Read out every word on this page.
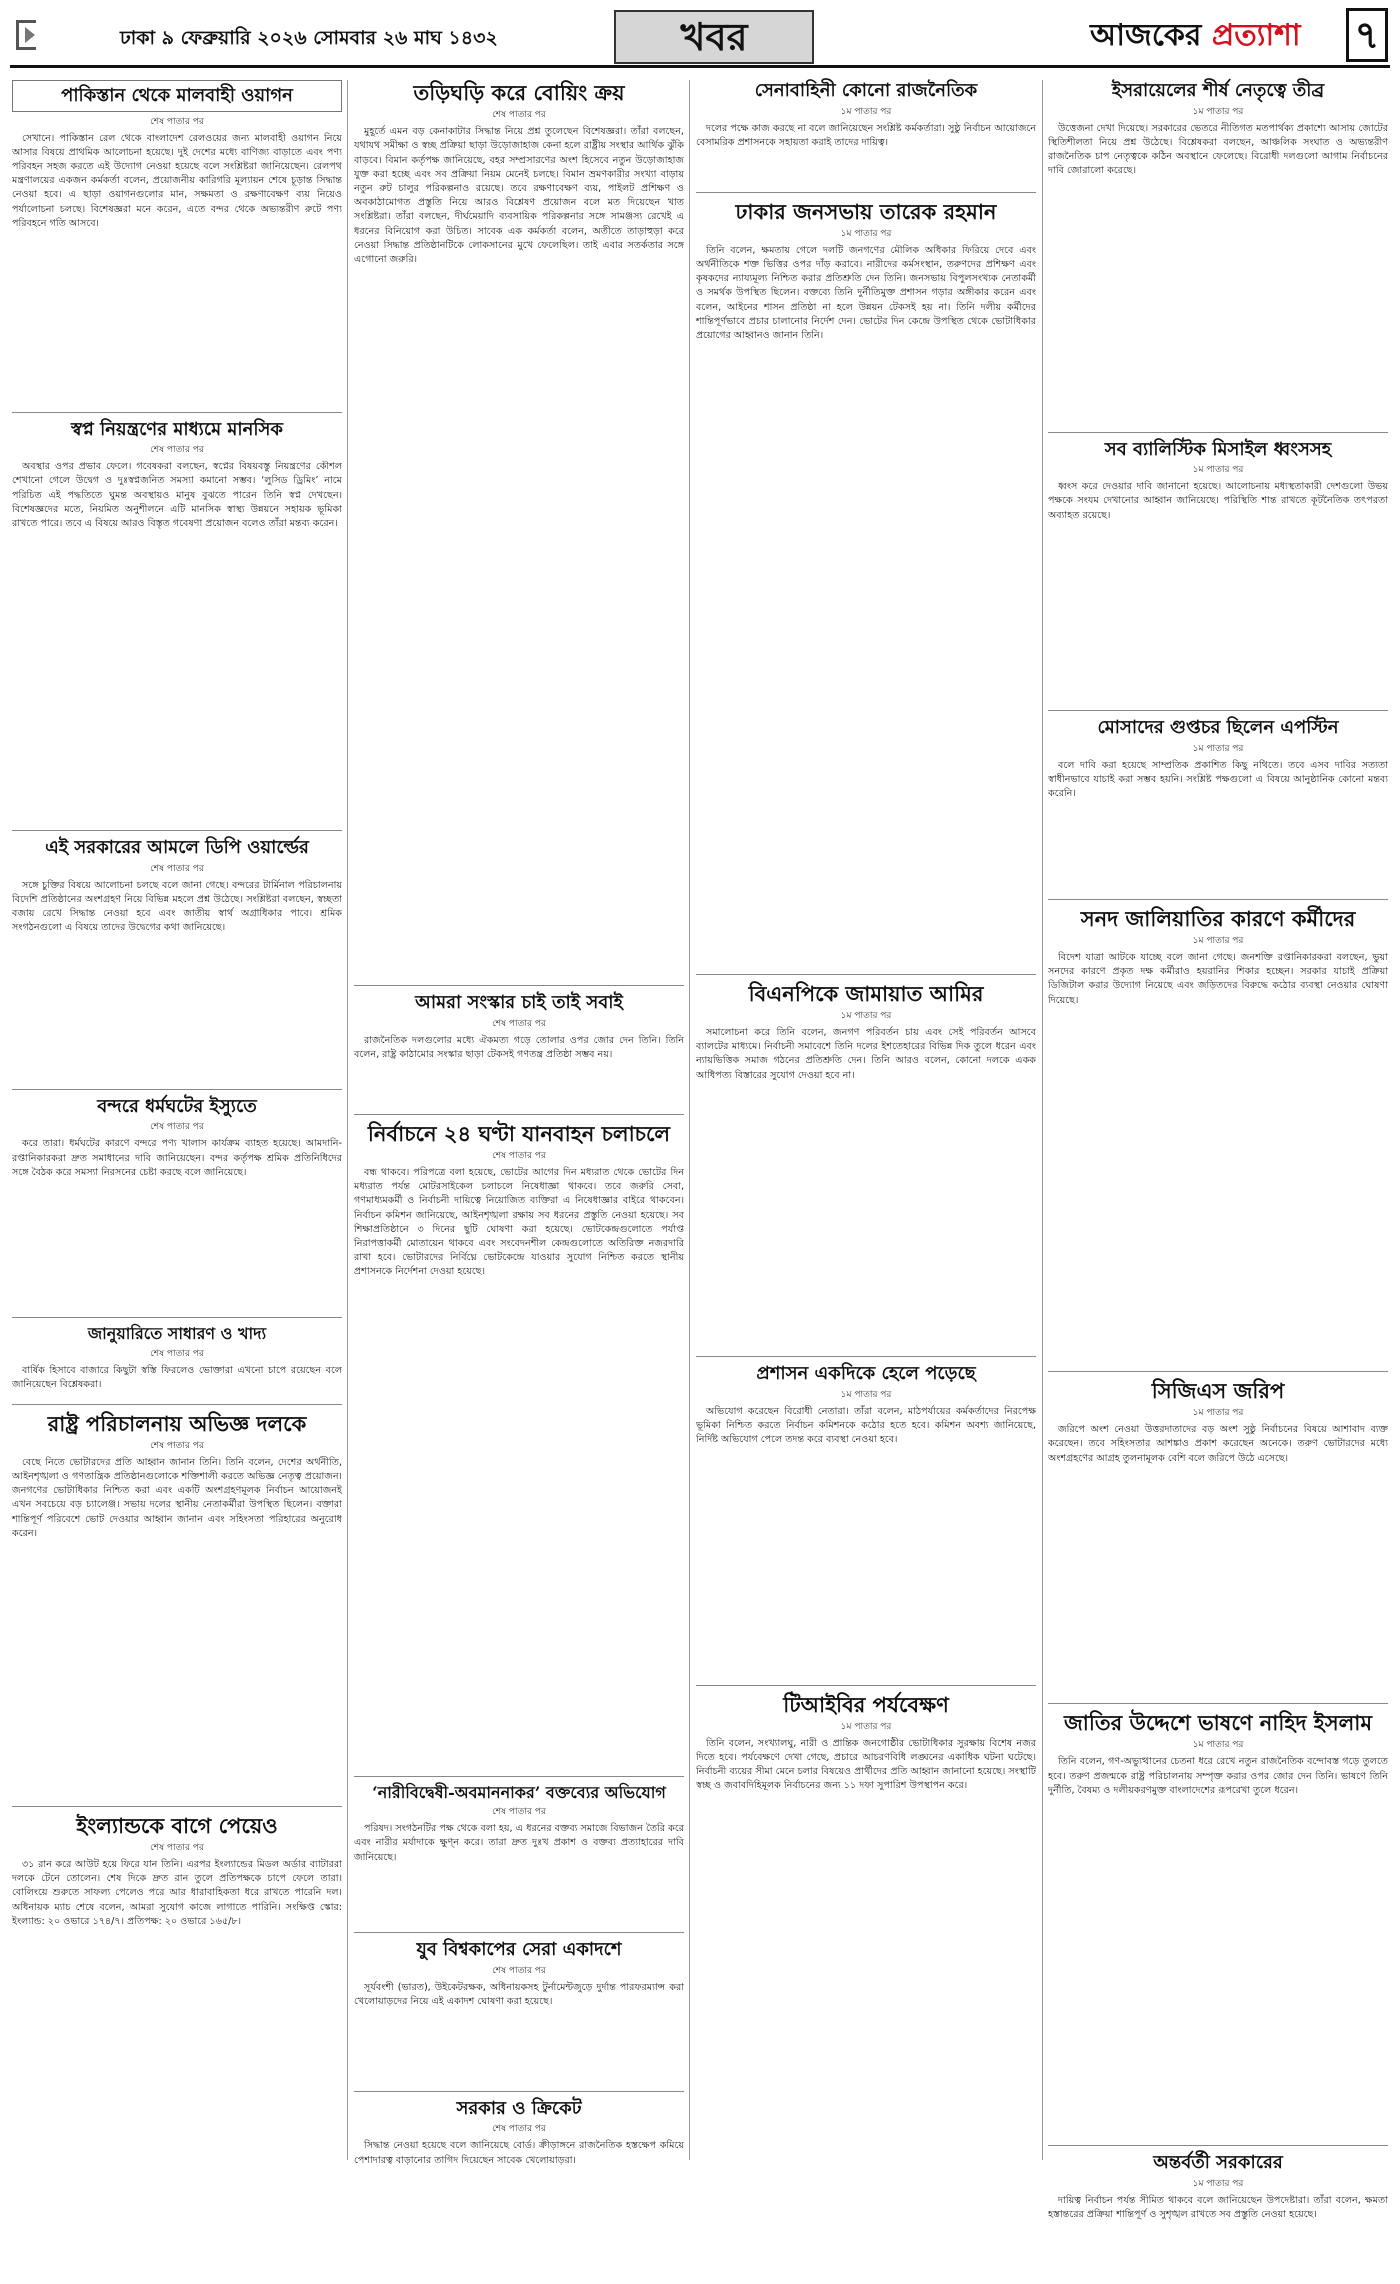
ঢাকা ৯ ফেব্রুয়ারি ২০২৬ সোমবার ২৬ মাঘ ১৪৩২	খবর	আজকের প্রত্যাশা	৭
পাকিস্তান থেকে মালবাহী ওয়াগন
শেষ পাতার পর

সেখানে। পাকিস্তান রেল থেকে বাংলাদেশ রেলওয়ের জন্য মালবাহী ওয়াগন নিয়ে আসার বিষয়ে প্রাথমিক আলোচনা হয়েছে। দুই দেশের মধ্যে বাণিজ্য বাড়াতে এবং পণ্য পরিবহন সহজ করতে এই উদ্যোগ নেওয়া হয়েছে বলে সংশ্লিষ্টরা জানিয়েছেন। রেলপথ মন্ত্রণালয়ের একজন কর্মকর্তা বলেন, প্রয়োজনীয় কারিগরি মূল্যায়ন শেষে চূড়ান্ত সিদ্ধান্ত নেওয়া হবে। এ ছাড়া ওয়াগনগুলোর মান, সক্ষমতা ও রক্ষণাবেক্ষণ ব্যয় নিয়েও পর্যালোচনা চলছে। বিশেষজ্ঞরা মনে করেন, এতে বন্দর থেকে অভ্যন্তরীণ রুটে পণ্য পরিবহনে গতি আসবে।

স্বপ্ন নিয়ন্ত্রণের মাধ্যমে মানসিক
শেষ পাতার পর

অবস্থার ওপর প্রভাব ফেলে। গবেষকরা বলছেন, স্বপ্নের বিষয়বস্তু নিয়ন্ত্রণের কৌশল শেখানো গেলে উদ্বেগ ও দুঃস্বপ্নজনিত সমস্যা কমানো সম্ভব। ‘লুসিড ড্রিমিং’ নামে পরিচিত এই পদ্ধতিতে ঘুমন্ত অবস্থায়ও মানুষ বুঝতে পারেন তিনি স্বপ্ন দেখছেন। বিশেষজ্ঞদের মতে, নিয়মিত অনুশীলনে এটি মানসিক স্বাস্থ্য উন্নয়নে সহায়ক ভূমিকা রাখতে পারে। তবে এ বিষয়ে আরও বিস্তৃত গবেষণা প্রয়োজন বলেও তাঁরা মন্তব্য করেন।

এই সরকারের আমলে ডিপি ওয়ার্ল্ডের
শেষ পাতার পর

সঙ্গে চুক্তির বিষয়ে আলোচনা চলছে বলে জানা গেছে। বন্দরের টার্মিনাল পরিচালনায় বিদেশি প্রতিষ্ঠানের অংশগ্রহণ নিয়ে বিভিন্ন মহলে প্রশ্ন উঠেছে। সংশ্লিষ্টরা বলছেন, স্বচ্ছতা বজায় রেখে সিদ্ধান্ত নেওয়া হবে এবং জাতীয় স্বার্থ অগ্রাধিকার পাবে। শ্রমিক সংগঠনগুলো এ বিষয়ে তাদের উদ্বেগের কথা জানিয়েছে।

বন্দরে ধর্মঘটের ইস্যুতে
শেষ পাতার পর

করে তারা। ধর্মঘটের কারণে বন্দরে পণ্য খালাস কার্যক্রম ব্যাহত হয়েছে। আমদানি-রপ্তানিকারকরা দ্রুত সমাধানের দাবি জানিয়েছেন। বন্দর কর্তৃপক্ষ শ্রমিক প্রতিনিধিদের সঙ্গে বৈঠক করে সমস্যা নিরসনের চেষ্টা করছে বলে জানিয়েছে।

জানুয়ারিতে সাধারণ ও খাদ্য
শেষ পাতার পর

বার্ষিক হিসাবে বাজারে কিছুটা স্বস্তি ফিরলেও ভোক্তারা এখনো চাপে রয়েছেন বলে জানিয়েছেন বিশ্লেষকরা।

রাষ্ট্র পরিচালনায় অভিজ্ঞ দলকে
শেষ পাতার পর

বেছে নিতে ভোটারদের প্রতি আহ্বান জানান তিনি। তিনি বলেন, দেশের অর্থনীতি, আইনশৃঙ্খলা ও গণতান্ত্রিক প্রতিষ্ঠানগুলোকে শক্তিশালী করতে অভিজ্ঞ নেতৃত্ব প্রয়োজন। জনগণের ভোটাধিকার নিশ্চিত করা এবং একটি অংশগ্রহণমূলক নির্বাচন আয়োজনই এখন সবচেয়ে বড় চ্যালেঞ্জ। সভায় দলের স্থানীয় নেতাকর্মীরা উপস্থিত ছিলেন। বক্তারা শান্তিপূর্ণ পরিবেশে ভোট দেওয়ার আহ্বান জানান এবং সহিংসতা পরিহারের অনুরোধ করেন।

ইংল্যান্ডকে বাগে পেয়েও
শেষ পাতার পর

৩১ রান করে আউট হয়ে ফিরে যান তিনি। এরপর ইংল্যান্ডের মিডল অর্ডার ব্যাটাররা দলকে টেনে তোলেন। শেষ দিকে দ্রুত রান তুলে প্রতিপক্ষকে চাপে ফেলে তারা। বোলিংয়ে শুরুতে সাফল্য পেলেও পরে আর ধারাবাহিকতা ধরে রাখতে পারেনি দল। অধিনায়ক ম্যাচ শেষে বলেন, আমরা সুযোগ কাজে লাগাতে পারিনি। সংক্ষিপ্ত স্কোর: ইংল্যান্ড: ২০ ওভারে ১৭৪/৭। প্রতিপক্ষ: ২০ ওভারে ১৬৫/৮।

তড়িঘড়ি করে বোয়িং ক্রয়
শেষ পাতার পর

মুহূর্তে এমন বড় কেনাকাটার সিদ্ধান্ত নিয়ে প্রশ্ন তুলেছেন বিশেষজ্ঞরা। তাঁরা বলছেন, যথাযথ সমীক্ষা ও স্বচ্ছ প্রক্রিয়া ছাড়া উড়োজাহাজ কেনা হলে রাষ্ট্রীয় সংস্থার আর্থিক ঝুঁকি বাড়বে। বিমান কর্তৃপক্ষ জানিয়েছে, বহর সম্প্রসারণের অংশ হিসেবে নতুন উড়োজাহাজ যুক্ত করা হচ্ছে এবং সব প্রক্রিয়া নিয়ম মেনেই চলছে। বিমান ভ্রমণকারীর সংখ্যা বাড়ায় নতুন রুট চালুর পরিকল্পনাও রয়েছে। তবে রক্ষণাবেক্ষণ ব্যয়, পাইলট প্রশিক্ষণ ও অবকাঠামোগত প্রস্তুতি নিয়ে আরও বিশ্লেষণ প্রয়োজন বলে মত দিয়েছেন খাত সংশ্লিষ্টরা। তাঁরা বলছেন, দীর্ঘমেয়াদি ব্যবসায়িক পরিকল্পনার সঙ্গে সামঞ্জস্য রেখেই এ ধরনের বিনিয়োগ করা উচিত। সাবেক এক কর্মকর্তা বলেন, অতীতে তাড়াহুড়া করে নেওয়া সিদ্ধান্ত প্রতিষ্ঠানটিকে লোকসানের মুখে ফেলেছিল। তাই এবার সতর্কতার সঙ্গে এগোনো জরুরি।

আমরা সংস্কার চাই তাই সবাই
শেষ পাতার পর

রাজনৈতিক দলগুলোর মধ্যে ঐকমত্য গড়ে তোলার ওপর জোর দেন তিনি। তিনি বলেন, রাষ্ট্র কাঠামোর সংস্কার ছাড়া টেকসই গণতন্ত্র প্রতিষ্ঠা সম্ভব নয়।

নির্বাচনে ২৪ ঘণ্টা যানবাহন চলাচলে
শেষ পাতার পর

বন্ধ থাকবে। পরিপত্রে বলা হয়েছে, ভোটের আগের দিন মধ্যরাত থেকে ভোটের দিন মধ্যরাত পর্যন্ত মোটরসাইকেল চলাচলে নিষেধাজ্ঞা থাকবে। তবে জরুরি সেবা, গণমাধ্যমকর্মী ও নির্বাচনী দায়িত্বে নিয়োজিত ব্যক্তিরা এ নিষেধাজ্ঞার বাইরে থাকবেন। নির্বাচন কমিশন জানিয়েছে, আইনশৃঙ্খলা রক্ষায় সব ধরনের প্রস্তুতি নেওয়া হয়েছে। সব শিক্ষাপ্রতিষ্ঠানে ৩ দিনের ছুটি ঘোষণা করা হয়েছে। ভোটকেন্দ্রগুলোতে পর্যাপ্ত নিরাপত্তাকর্মী মোতায়েন থাকবে এবং সংবেদনশীল কেন্দ্রগুলোতে অতিরিক্ত নজরদারি রাখা হবে। ভোটারদের নির্বিঘ্নে ভোটকেন্দ্রে যাওয়ার সুযোগ নিশ্চিত করতে স্থানীয় প্রশাসনকে নির্দেশনা দেওয়া হয়েছে।

‘নারীবিদ্বেষী-অবমাননাকর’ বক্তব্যের অভিযোগ
শেষ পাতার পর

পরিষদ। সংগঠনটির পক্ষ থেকে বলা হয়, এ ধরনের বক্তব্য সমাজে বিভাজন তৈরি করে এবং নারীর মর্যাদাকে ক্ষুণ্ন করে। তারা দ্রুত দুঃখ প্রকাশ ও বক্তব্য প্রত্যাহারের দাবি জানিয়েছে।

যুব বিশ্বকাপের সেরা একাদশে
শেষ পাতার পর

সূর্যবংশী (ভারত), উইকেটরক্ষক, অধিনায়কসহ টুর্নামেন্টজুড়ে দুর্দান্ত পারফরম্যান্স করা খেলোয়াড়দের নিয়ে এই একাদশ ঘোষণা করা হয়েছে।

সরকার ও ক্রিকেট
শেষ পাতার পর

সিদ্ধান্ত নেওয়া হয়েছে বলে জানিয়েছে বোর্ড। ক্রীড়াঙ্গনে রাজনৈতিক হস্তক্ষেপ কমিয়ে পেশাদারত্ব বাড়ানোর তাগিদ দিয়েছেন সাবেক খেলোয়াড়রা।

সেনাবাহিনী কোনো রাজনৈতিক
১ম পাতার পর

দলের পক্ষে কাজ করছে না বলে জানিয়েছেন সংশ্লিষ্ট কর্মকর্তারা। সুষ্ঠু নির্বাচন আয়োজনে বেসামরিক প্রশাসনকে সহায়তা করাই তাদের দায়িত্ব।

ঢাকার জনসভায় তারেক রহমান
১ম পাতার পর

তিনি বলেন, ক্ষমতায় গেলে দলটি জনগণের মৌলিক অধিকার ফিরিয়ে দেবে এবং অর্থনীতিকে শক্ত ভিত্তির ওপর দাঁড় করাবে। নারীদের কর্মসংস্থান, তরুণদের প্রশিক্ষণ এবং কৃষকদের ন্যায্যমূল্য নিশ্চিত করার প্রতিশ্রুতি দেন তিনি। জনসভায় বিপুলসংখ্যক নেতাকর্মী ও সমর্থক উপস্থিত ছিলেন। বক্তব্যে তিনি দুর্নীতিমুক্ত প্রশাসন গড়ার অঙ্গীকার করেন এবং বলেন, আইনের শাসন প্রতিষ্ঠা না হলে উন্নয়ন টেকসই হয় না। তিনি দলীয় কর্মীদের শান্তিপূর্ণভাবে প্রচার চালানোর নির্দেশ দেন। ভোটের দিন কেন্দ্রে উপস্থিত থেকে ভোটাধিকার প্রয়োগের আহ্বানও জানান তিনি।

বিএনপিকে জামায়াত আমির
১ম পাতার পর

সমালোচনা করে তিনি বলেন, জনগণ পরিবর্তন চায় এবং সেই পরিবর্তন আসবে ব্যালটের মাধ্যমে। নির্বাচনী সমাবেশে তিনি দলের ইশতেহারের বিভিন্ন দিক তুলে ধরেন এবং ন্যায়ভিত্তিক সমাজ গঠনের প্রতিশ্রুতি দেন। তিনি আরও বলেন, কোনো দলকে একক আধিপত্য বিস্তারের সুযোগ দেওয়া হবে না।

প্রশাসন একদিকে হেলে পড়েছে
১ম পাতার পর

অভিযোগ করেছেন বিরোধী নেতারা। তাঁরা বলেন, মাঠপর্যায়ের কর্মকর্তাদের নিরপেক্ষ ভূমিকা নিশ্চিত করতে নির্বাচন কমিশনকে কঠোর হতে হবে। কমিশন অবশ্য জানিয়েছে, নির্দিষ্ট অভিযোগ পেলে তদন্ত করে ব্যবস্থা নেওয়া হবে।

টিআইবির পর্যবেক্ষণ
১ম পাতার পর

তিনি বলেন, সংখ্যালঘু, নারী ও প্রান্তিক জনগোষ্ঠীর ভোটাধিকার সুরক্ষায় বিশেষ নজর দিতে হবে। পর্যবেক্ষণে দেখা গেছে, প্রচারে আচরণবিধি লঙ্ঘনের একাধিক ঘটনা ঘটেছে। নির্বাচনী ব্যয়ের সীমা মেনে চলার বিষয়েও প্রার্থীদের প্রতি আহ্বান জানানো হয়েছে। সংস্থাটি স্বচ্ছ ও জবাবদিহিমূলক নির্বাচনের জন্য ১১ দফা সুপারিশ উপস্থাপন করে।

ইসরায়েলের শীর্ষ নেতৃত্বে তীব্র
১ম পাতার পর

উত্তেজনা দেখা দিয়েছে। সরকারের ভেতরে নীতিগত মতপার্থক্য প্রকাশ্যে আসায় জোটের স্থিতিশীলতা নিয়ে প্রশ্ন উঠেছে। বিশ্লেষকরা বলছেন, আঞ্চলিক সংঘাত ও অভ্যন্তরীণ রাজনৈতিক চাপ নেতৃত্বকে কঠিন অবস্থানে ফেলেছে। বিরোধী দলগুলো আগাম নির্বাচনের দাবি জোরালো করেছে।

সব ব্যালিস্টিক মিসাইল ধ্বংসসহ
১ম পাতার পর

ধ্বংস করে দেওয়ার দাবি জানানো হয়েছে। আলোচনায় মধ্যস্থতাকারী দেশগুলো উভয় পক্ষকে সংযম দেখানোর আহ্বান জানিয়েছে। পরিস্থিতি শান্ত রাখতে কূটনৈতিক তৎপরতা অব্যাহত রয়েছে।

মোসাদের গুপ্তচর ছিলেন এপস্টিন
১ম পাতার পর

বলে দাবি করা হয়েছে সাম্প্রতিক প্রকাশিত কিছু নথিতে। তবে এসব দাবির সত্যতা স্বাধীনভাবে যাচাই করা সম্ভব হয়নি। সংশ্লিষ্ট পক্ষগুলো এ বিষয়ে আনুষ্ঠানিক কোনো মন্তব্য করেনি।

সনদ জালিয়াতির কারণে কর্মীদের
১ম পাতার পর

বিদেশ যাত্রা আটকে যাচ্ছে বলে জানা গেছে। জনশক্তি রপ্তানিকারকরা বলছেন, ভুয়া সনদের কারণে প্রকৃত দক্ষ কর্মীরাও হয়রানির শিকার হচ্ছেন। সরকার যাচাই প্রক্রিয়া ডিজিটাল করার উদ্যোগ নিয়েছে এবং জড়িতদের বিরুদ্ধে কঠোর ব্যবস্থা নেওয়ার ঘোষণা দিয়েছে।

সিজিএস জরিপ
১ম পাতার পর

জরিপে অংশ নেওয়া উত্তরদাতাদের বড় অংশ সুষ্ঠু নির্বাচনের বিষয়ে আশাবাদ ব্যক্ত করেছেন। তবে সহিংসতার আশঙ্কাও প্রকাশ করেছেন অনেকে। তরুণ ভোটারদের মধ্যে অংশগ্রহণের আগ্রহ তুলনামূলক বেশি বলে জরিপে উঠে এসেছে।

জাতির উদ্দেশে ভাষণে নাহিদ ইসলাম
১ম পাতার পর

তিনি বলেন, গণ-অভ্যুত্থানের চেতনা ধরে রেখে নতুন রাজনৈতিক বন্দোবস্ত গড়ে তুলতে হবে। তরুণ প্রজন্মকে রাষ্ট্র পরিচালনায় সম্পৃক্ত করার ওপর জোর দেন তিনি। ভাষণে তিনি দুর্নীতি, বৈষম্য ও দলীয়করণমুক্ত বাংলাদেশের রূপরেখা তুলে ধরেন।

অন্তর্বর্তী সরকারের
১ম পাতার পর

দায়িত্ব নির্বাচন পর্যন্ত সীমিত থাকবে বলে জানিয়েছেন উপদেষ্টারা। তাঁরা বলেন, ক্ষমতা হস্তান্তরের প্রক্রিয়া শান্তিপূর্ণ ও সুশৃঙ্খল রাখতে সব প্রস্তুতি নেওয়া হয়েছে।
